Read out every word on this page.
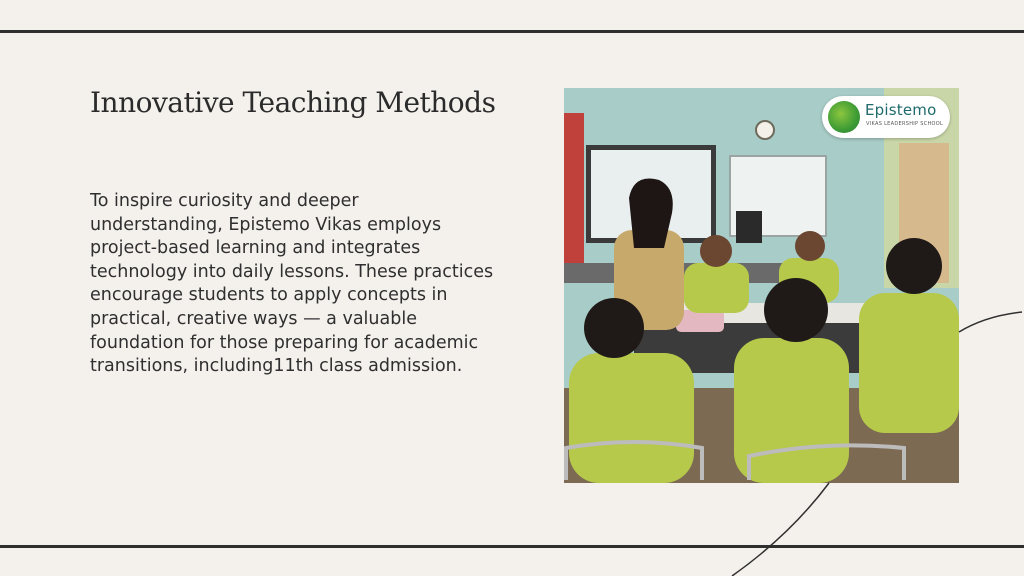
Innovative Teaching Methods

To inspire curiosity and deeper understanding, Epistemo Vikas employs project-based learning and integrates technology into daily lessons. These practices encourage students to apply concepts in practical, creative ways — a valuable foundation for those preparing for academic transitions, including11th class admission.

Epistemo
VIKAS LEADERSHIP SCHOOL
